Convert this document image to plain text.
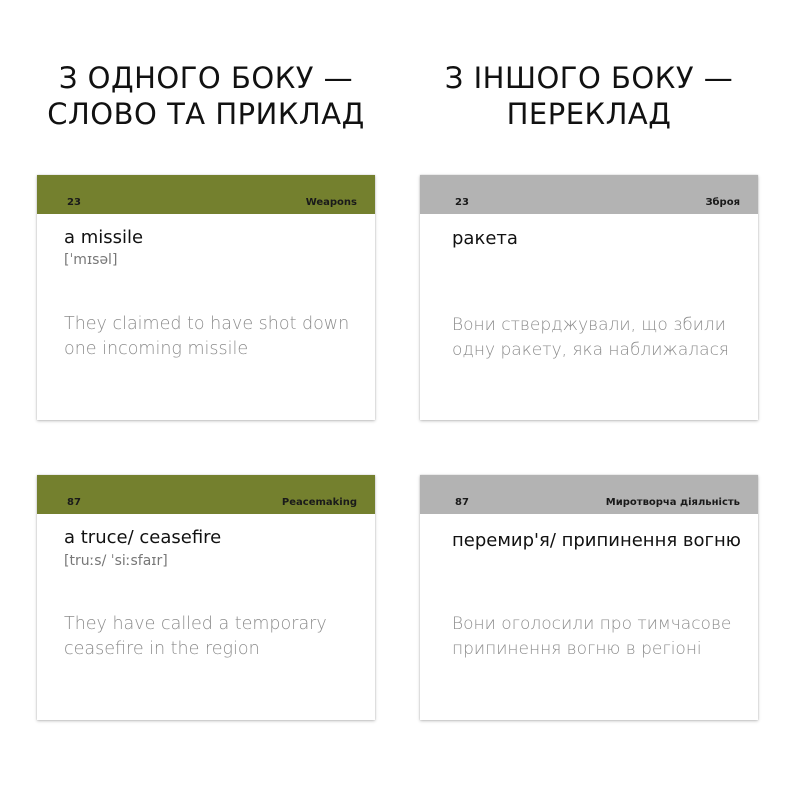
З ОДНОГО БОКУ —
СЛОВО ТА ПРИКЛАД
З ІНШОГО БОКУ —
ПЕРЕКЛАД
23	Weapons
a missile
[ˈmɪsəl]
They claimed to have shot down one incoming missile
23	Зброя
ракета
Вони стверджували, що збили одну ракету, яка наближалася
87	Peacemaking
a truce/ ceasefire
[truːs/ ˈsiːsfaɪr]
They have called a temporary ceasefire in the region
87	Миротворча діяльність
перемир'я/ припинення вогню
Вони оголосили про тимчасове припинення вогню в регіоні
